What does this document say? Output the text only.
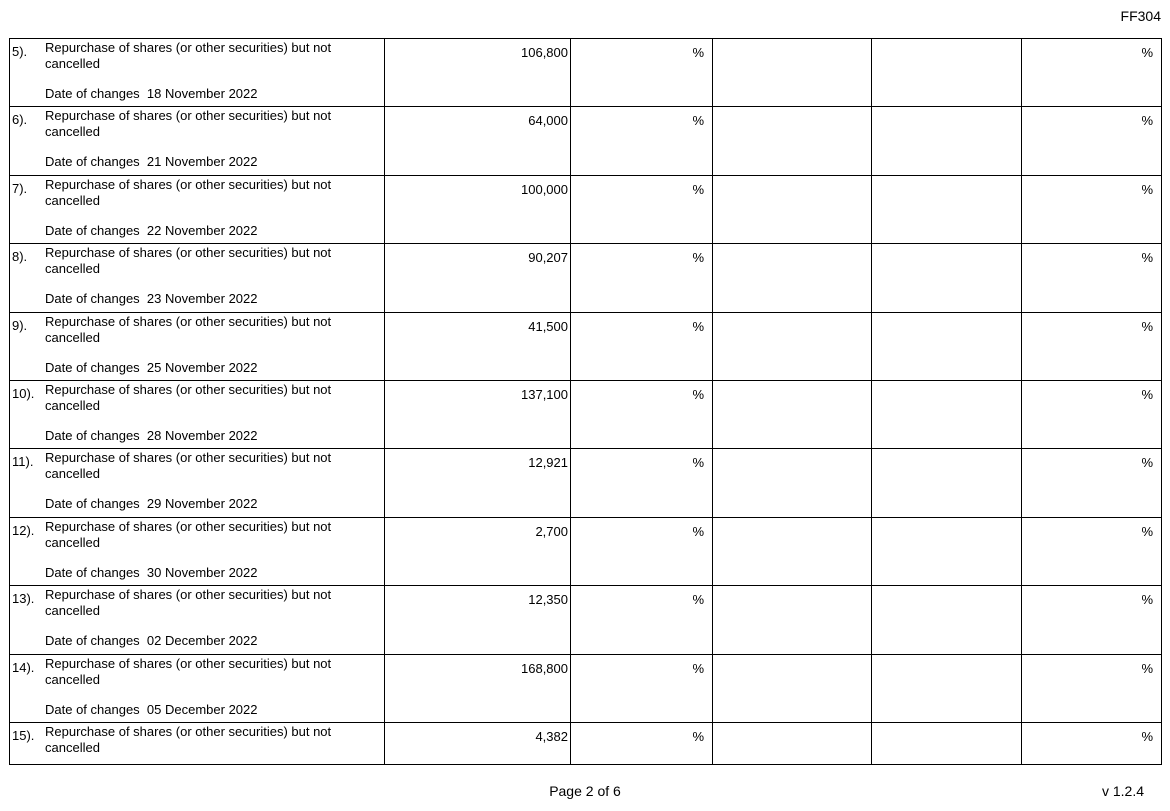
FF304
5). Repurchase of shares (or other securities) but not cancelled
Date of changes 18 November 2022	106,800	%			%

6). Repurchase of shares (or other securities) but not cancelled
Date of changes 21 November 2022	64,000	%			%

7). Repurchase of shares (or other securities) but not cancelled
Date of changes 22 November 2022	100,000	%			%

8). Repurchase of shares (or other securities) but not cancelled
Date of changes 23 November 2022	90,207	%			%

9). Repurchase of shares (or other securities) but not cancelled
Date of changes 25 November 2022	41,500	%			%

10). Repurchase of shares (or other securities) but not cancelled
Date of changes 28 November 2022	137,100	%			%

11). Repurchase of shares (or other securities) but not cancelled
Date of changes 29 November 2022	12,921	%			%

12). Repurchase of shares (or other securities) but not cancelled
Date of changes 30 November 2022	2,700	%			%

13). Repurchase of shares (or other securities) but not cancelled
Date of changes 02 December 2022	12,350	%			%

14). Repurchase of shares (or other securities) but not cancelled
Date of changes 05 December 2022	168,800	%			%

15). Repurchase of shares (or other securities) but not cancelled	4,382	%			%
Page 2 of 6	v 1.2.4
